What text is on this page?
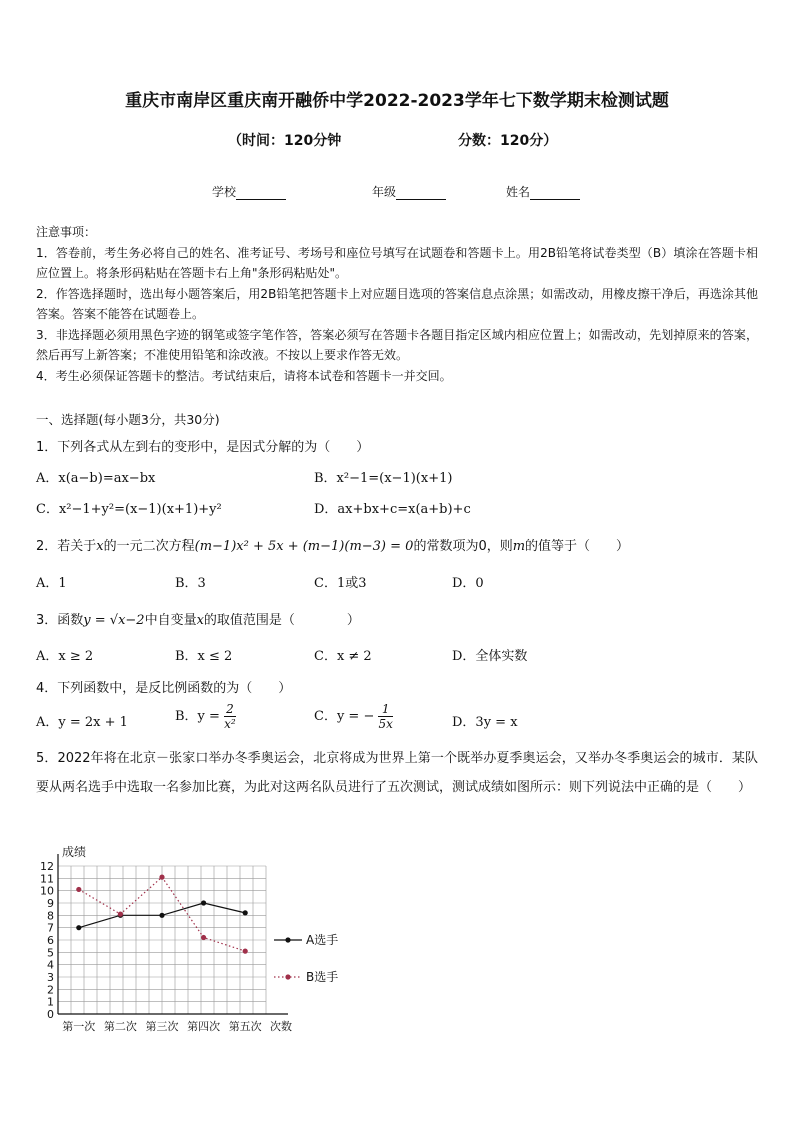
重庆市南岸区重庆南开融侨中学2022-2023学年七下数学期末检测试题
（时间：120分钟	分数：120分）
学校	年级	姓名

注意事项：

1．答卷前，考生务必将自己的姓名、准考证号、考场号和座位号填写在试题卷和答题卡上。用2B铅笔将试卷类型（B）填涂在答题卡相应位置上。将条形码粘贴在答题卡右上角"条形码粘贴处"。

2．作答选择题时，选出每小题答案后，用2B铅笔把答题卡上对应题目选项的答案信息点涂黑；如需改动，用橡皮擦干净后，再选涂其他答案。答案不能答在试题卷上。

3．非选择题必须用黑色字迹的钢笔或签字笔作答，答案必须写在答题卡各题目指定区域内相应位置上；如需改动，先划掉原来的答案，然后再写上新答案；不准使用铅笔和涂改液。不按以上要求作答无效。

4．考生必须保证答题卡的整洁。考试结束后，请将本试卷和答题卡一并交回。

一、选择题(每小题3分，共30分)
1．下列各式从左到右的变形中，是因式分解的为（　　）
A．x(a−b)=ax−bx	B．x²−1=(x−1)(x+1)
C．x²−1+y²=(x−1)(x+1)+y²	D．ax+bx+c=x(a+b)+c
2．若关于x的一元二次方程(m−1)x² + 5x + (m−1)(m−3) = 0的常数项为0，则m的值等于（　　）
A．1	B．3	C．1或3	D．0
3．函数y = √x−2中自变量x的取值范围是（　　　　）
A．x ≥ 2	B．x ≤ 2	C．x ≠ 2	D．全体实数
4．下列函数中，是反比例函数的为（　　）
A．y = 2x + 1	B．$y = \frac{2}{\text{x²}}$	C．y = − $\frac{1}{5x}$	D．3y = x
5．2022年将在北京－张家口举办冬季奥运会，北京将成为世界上第一个既举办夏季奥运会，又举办冬季奥运会的城市．某队要从两名选手中选取一名参加比赛，为此对这两名队员进行了五次测试，测试成绩如图所示：则下列说法中正确的是（　　）
0
1
2
3
4
5
6
7
8
9
10
11
12
成绩
第一次 第二次 第三次 第四次 第五次 次数
A选手
B选手
